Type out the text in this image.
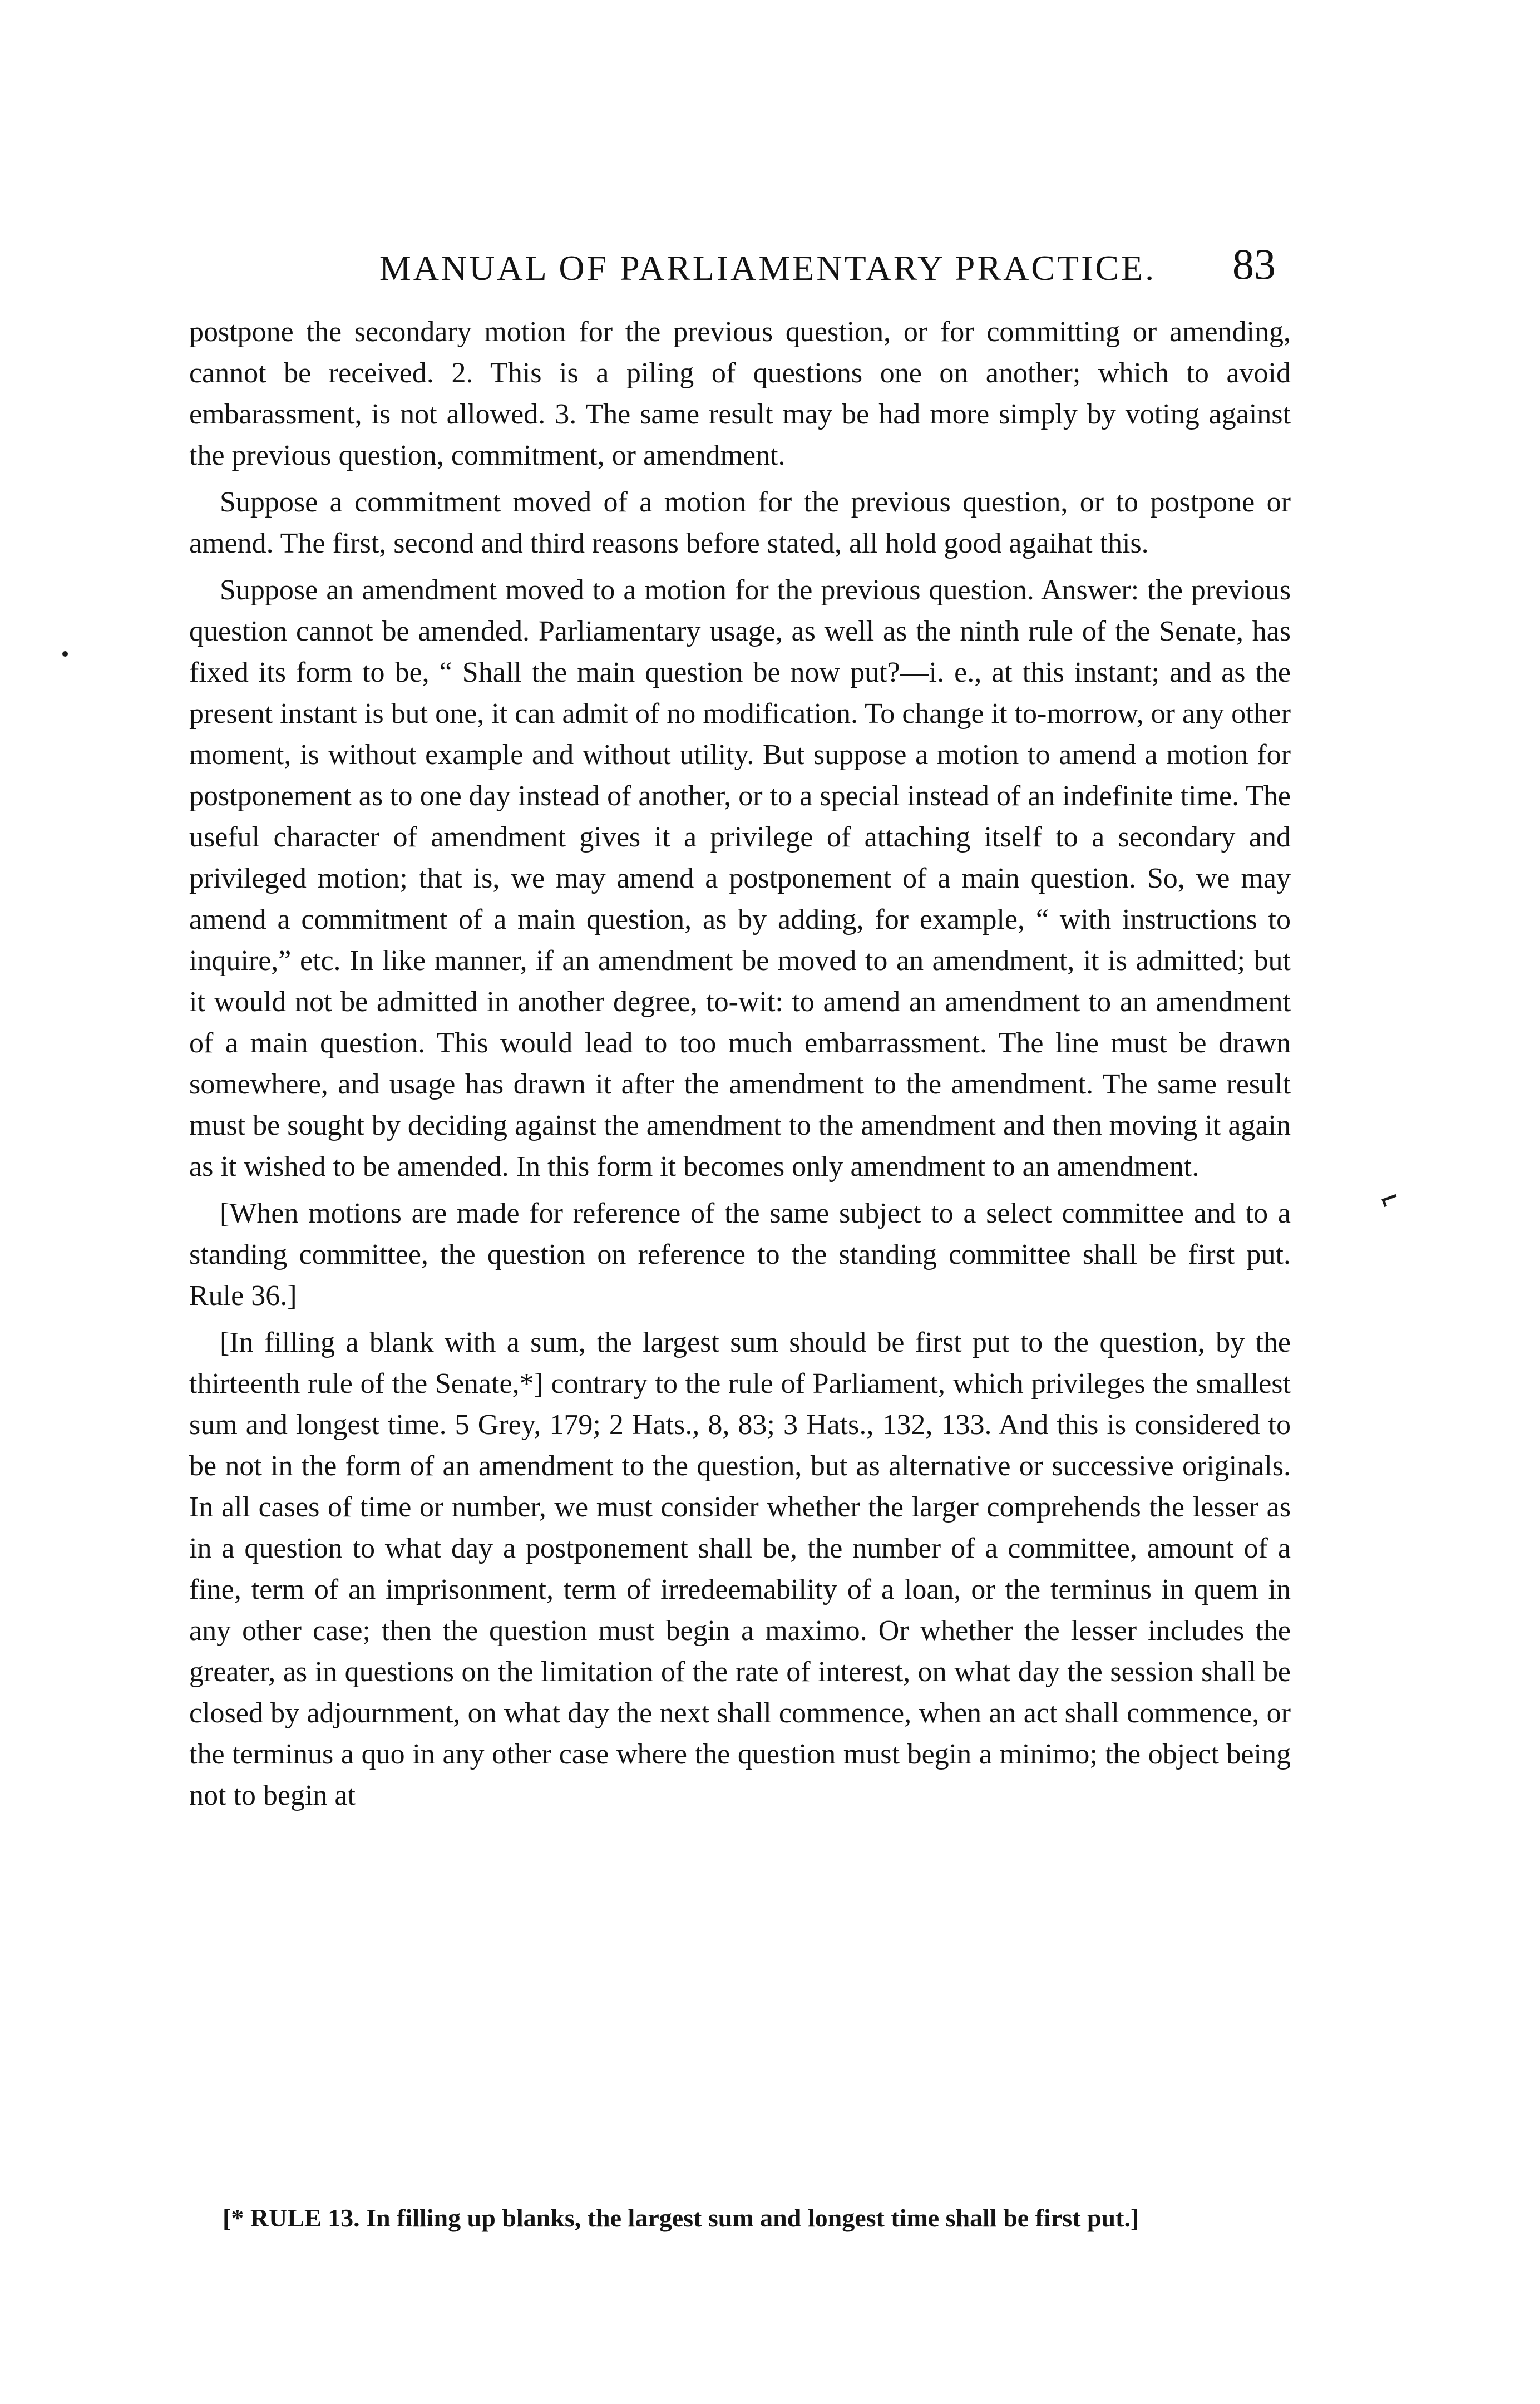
MANUAL OF PARLIAMENTARY PRACTICE.	83

postpone the secondary motion for the previous question, or for committing or amending, cannot be received. 2. This is a piling of questions one on another; which to avoid embarassment, is not allowed. 3. The same result may be had more simply by voting against the previous question, commitment, or amendment.

Suppose a commitment moved of a motion for the previous question, or to postpone or amend. The first, second and third reasons before stated, all hold good agaihat this.

Suppose an amendment moved to a motion for the previous question. Answer: the previous question cannot be amended. Parliamentary usage, as well as the ninth rule of the Senate, has fixed its form to be, “ Shall the main question be now put?—i. e., at this instant; and as the present instant is but one, it can admit of no modification. To change it to-morrow, or any other moment, is without example and without utility. But suppose a motion to amend a motion for postponement as to one day instead of another, or to a special instead of an indefinite time. The useful character of amendment gives it a privilege of attaching itself to a secondary and privileged motion; that is, we may amend a postponement of a main question. So, we may amend a commitment of a main question, as by adding, for example, “ with instructions to inquire,” etc. In like manner, if an amendment be moved to an amendment, it is admitted; but it would not be admitted in another degree, to-wit: to amend an amendment to an amendment of a main question. This would lead to too much embarrassment. The line must be drawn somewhere, and usage has drawn it after the amendment to the amendment. The same result must be sought by deciding against the amendment to the amendment and then moving it again as it wished to be amended. In this form it becomes only amendment to an amendment.

[When motions are made for reference of the same subject to a select committee and to a standing committee, the question on reference to the standing committee shall be first put. Rule 36.]

[In filling a blank with a sum, the largest sum should be first put to the question, by the thirteenth rule of the Senate,*] contrary to the rule of Parliament, which privileges the smallest sum and longest time. 5 Grey, 179; 2 Hats., 8, 83; 3 Hats., 132, 133. And this is considered to be not in the form of an amendment to the question, but as alternative or successive originals. In all cases of time or number, we must consider whether the larger comprehends the lesser as in a question to what day a postponement shall be, the number of a committee, amount of a fine, term of an imprisonment, term of irredeemability of a loan, or the terminus in quem in any other case; then the question must begin a maximo. Or whether the lesser includes the greater, as in questions on the limitation of the rate of interest, on what day the session shall be closed by adjournment, on what day the next shall commence, when an act shall commence, or the terminus a quo in any other case where the question must begin a minimo; the object being not to begin at

[* RULE 13. In filling up blanks, the largest sum and longest time shall be first put.]
